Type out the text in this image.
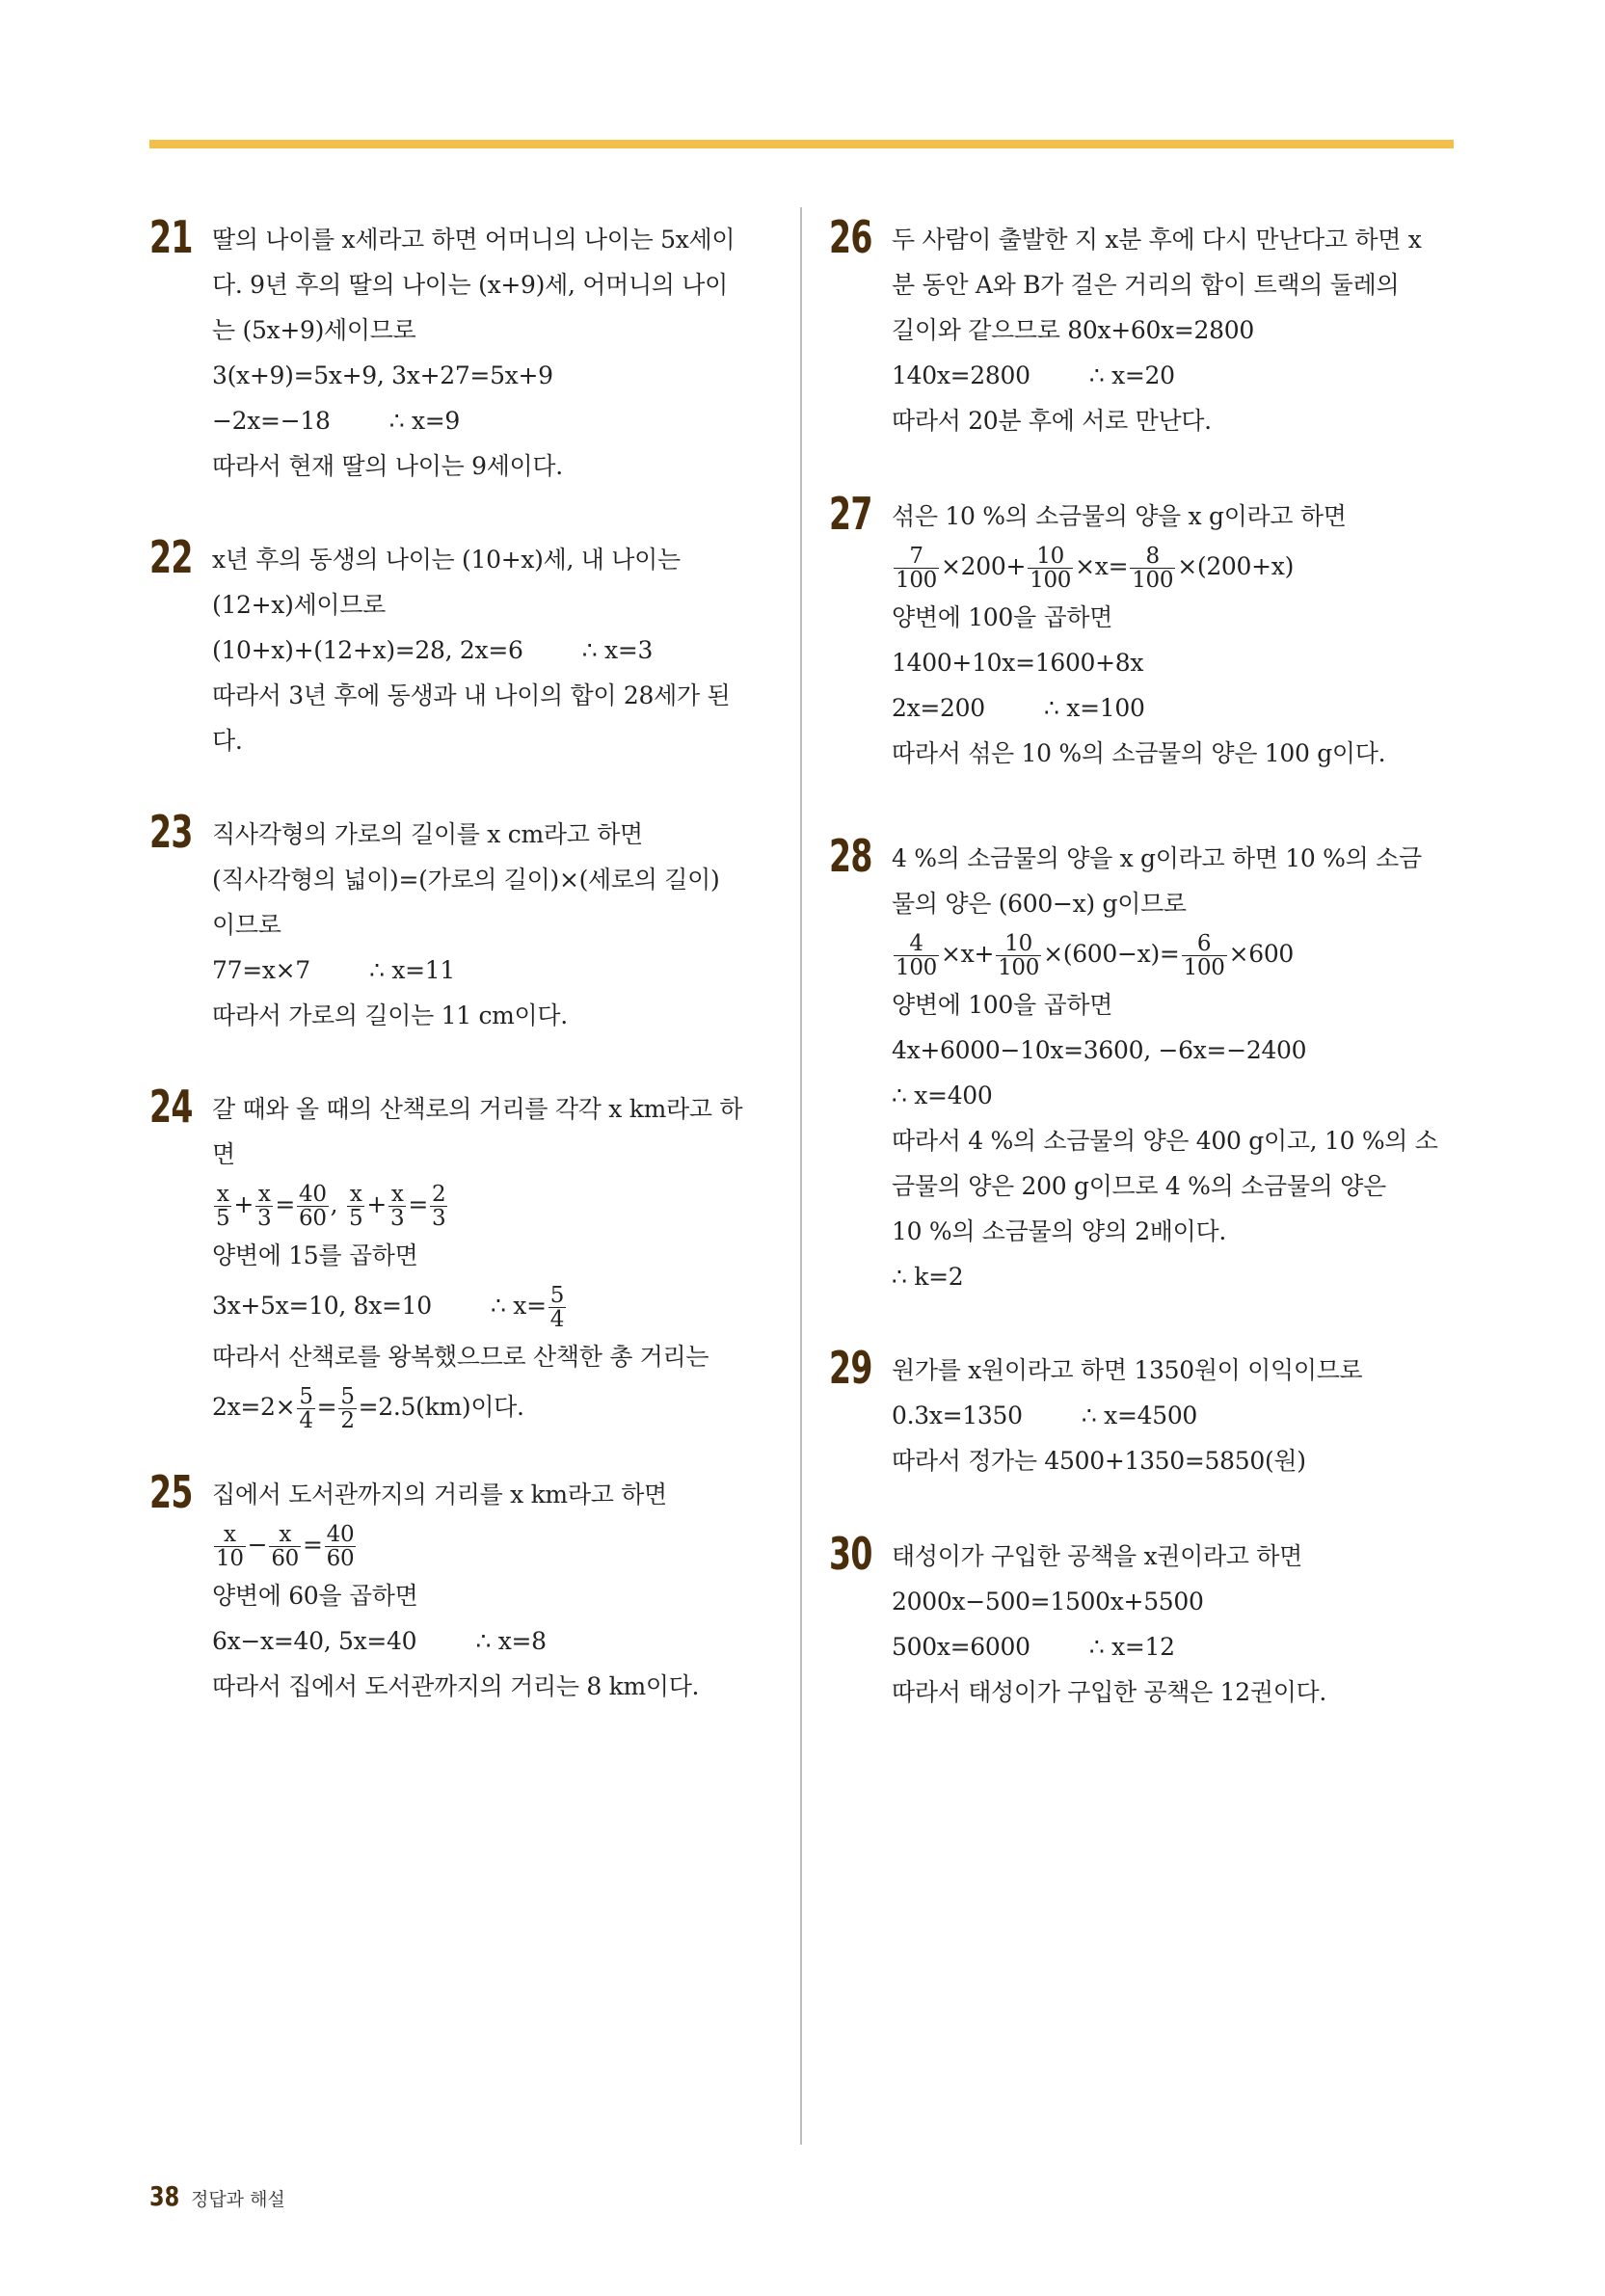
21 딸의 나이를 x세라고 하면 어머니의 나이는 5x세이
다. 9년 후의 딸의 나이는 (x+9)세, 어머니의 나이
는 (5x+9)세이므로
3(x+9)=5x+9, 3x+27=5x+9
−2x=−18        ∴ x=9
따라서 현재 딸의 나이는 9세이다.
22 x년 후의 동생의 나이는 (10+x)세, 내 나이는
(12+x)세이므로
(10+x)+(12+x)=28, 2x=6        ∴ x=3
따라서 3년 후에 동생과 내 나이의 합이 28세가 된
다.
23 직사각형의 가로의 길이를 x cm라고 하면
(직사각형의 넓이)=(가로의 길이)×(세로의 길이)
이므로
77=x×7        ∴ x=11
따라서 가로의 길이는 11 cm이다.
24 갈 때와 올 때의 산책로의 거리를 각각 x km라고 하
면
$\frac{x}{5} + \frac{x}{3} = \frac{40}{60}$ , $\frac{x}{5} + \frac{x}{3} = \frac{2}{3}$
양변에 15를 곱하면
3x+5x=10, 8x=10        ∴ $x= \frac{5}{4}$
따라서 산책로를 왕복했으므로 산책한 총 거리는
$2x=2\times \frac{5}{4} = \frac{5}{2} =2.5(km)$이다.
25 집에서 도서관까지의 거리를 x km라고 하면
$\frac{x}{10} - \frac{x}{60} = \frac{40}{60}$
양변에 60을 곱하면
6x−x=40, 5x=40        ∴ x=8
따라서 집에서 도서관까지의 거리는 8 km이다.
26 두 사람이 출발한 지 x분 후에 다시 만난다고 하면 x
분 동안 A와 B가 걸은 거리의 합이 트랙의 둘레의
길이와 같으므로 80x+60x=2800
140x=2800        ∴ x=20
따라서 20분 후에 서로 만난다.
27 섞은 10 %의 소금물의 양을 x g이라고 하면
$\frac{7}{100} \times 200+ \frac{10}{100} \times x= \frac{8}{100} \times(200+x)$
양변에 100을 곱하면
1400+10x=1600+8x
2x=200        ∴ x=100
따라서 섞은 10 %의 소금물의 양은 100 g이다.
28 4 %의 소금물의 양을 x g이라고 하면 10 %의 소금
물의 양은 (600−x) g이므로
$\frac{4}{100} \times x+ \frac{10}{100} \times(600-x)= \frac{6}{100} \times 600$
양변에 100을 곱하면
4x+6000−10x=3600, −6x=−2400
∴ x=400
따라서 4 %의 소금물의 양은 400 g이고, 10 %의 소
금물의 양은 200 g이므로 4 %의 소금물의 양은
10 %의 소금물의 양의 2배이다.
∴ k=2
29 원가를 x원이라고 하면 1350원이 이익이므로
0.3x=1350        ∴ x=4500
따라서 정가는 4500+1350=5850(원)
30 태성이가 구입한 공책을 x권이라고 하면
2000x−500=1500x+5500
500x=6000        ∴ x=12
따라서 태성이가 구입한 공책은 12권이다.
38 정답과 해설
